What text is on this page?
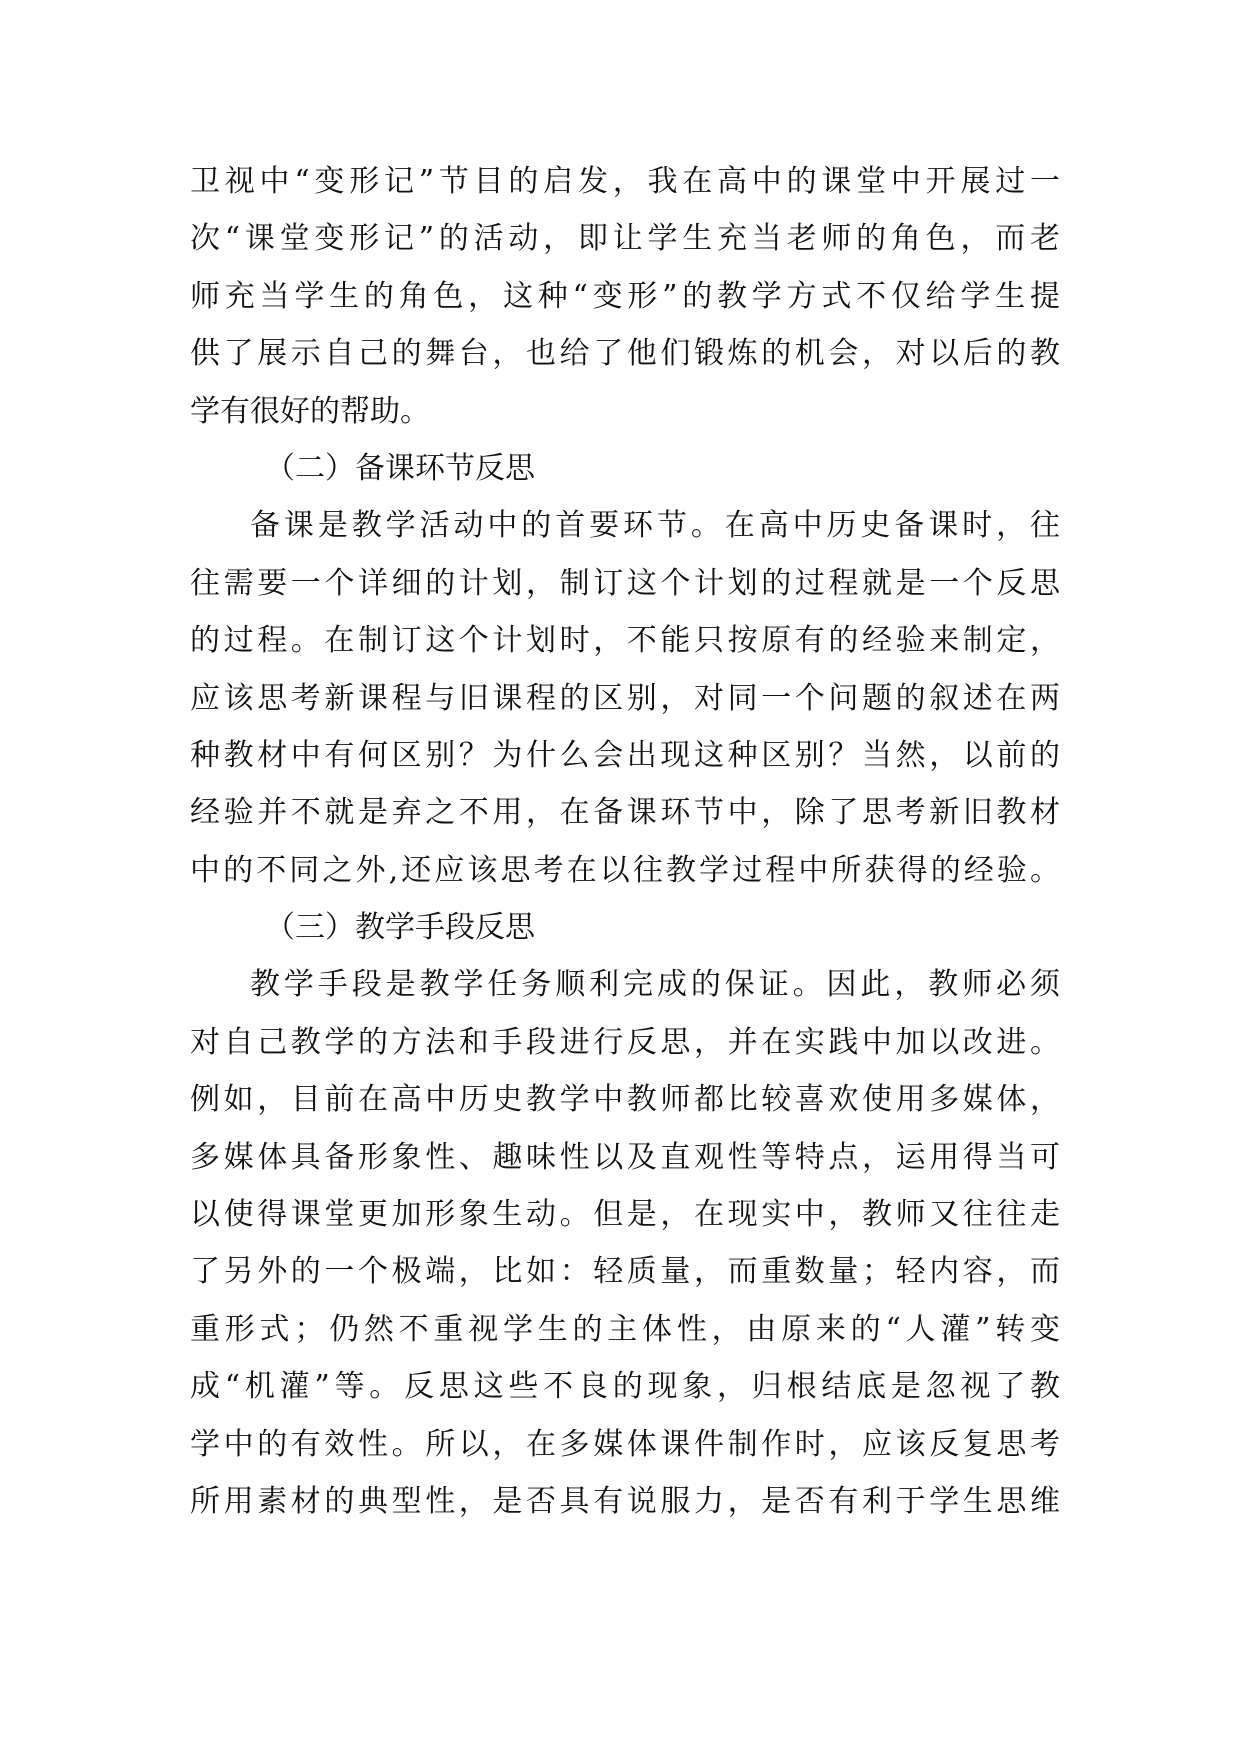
卫视中“变形记”节目的启发，我在高中的课堂中开展过一
次“课堂变形记”的活动，即让学生充当老师的角色，而老
师充当学生的角色，这种“变形”的教学方式不仅给学生提
供了展示自己的舞台，也给了他们锻炼的机会，对以后的教
学有很好的帮助。
（二）备课环节反思
备课是教学活动中的首要环节。在高中历史备课时，往
往需要一个详细的计划，制订这个计划的过程就是一个反思
的过程。在制订这个计划时，不能只按原有的经验来制定，
应该思考新课程与旧课程的区别，对同一个问题的叙述在两
种教材中有何区别？为什么会出现这种区别？当然，以前的
经验并不就是弃之不用，在备课环节中，除了思考新旧教材
中的不同之外,还应该思考在以往教学过程中所获得的经验。
（三）教学手段反思
教学手段是教学任务顺利完成的保证。因此，教师必须
对自己教学的方法和手段进行反思，并在实践中加以改进。
例如，目前在高中历史教学中教师都比较喜欢使用多媒体，
多媒体具备形象性、趣味性以及直观性等特点，运用得当可
以使得课堂更加形象生动。但是，在现实中，教师又往往走
了另外的一个极端，比如：轻质量，而重数量；轻内容，而
重形式；仍然不重视学生的主体性，由原来的“人灌”转变
成“机灌”等。反思这些不良的现象，归根结底是忽视了教
学中的有效性。所以，在多媒体课件制作时，应该反复思考
所用素材的典型性，是否具有说服力，是否有利于学生思维
